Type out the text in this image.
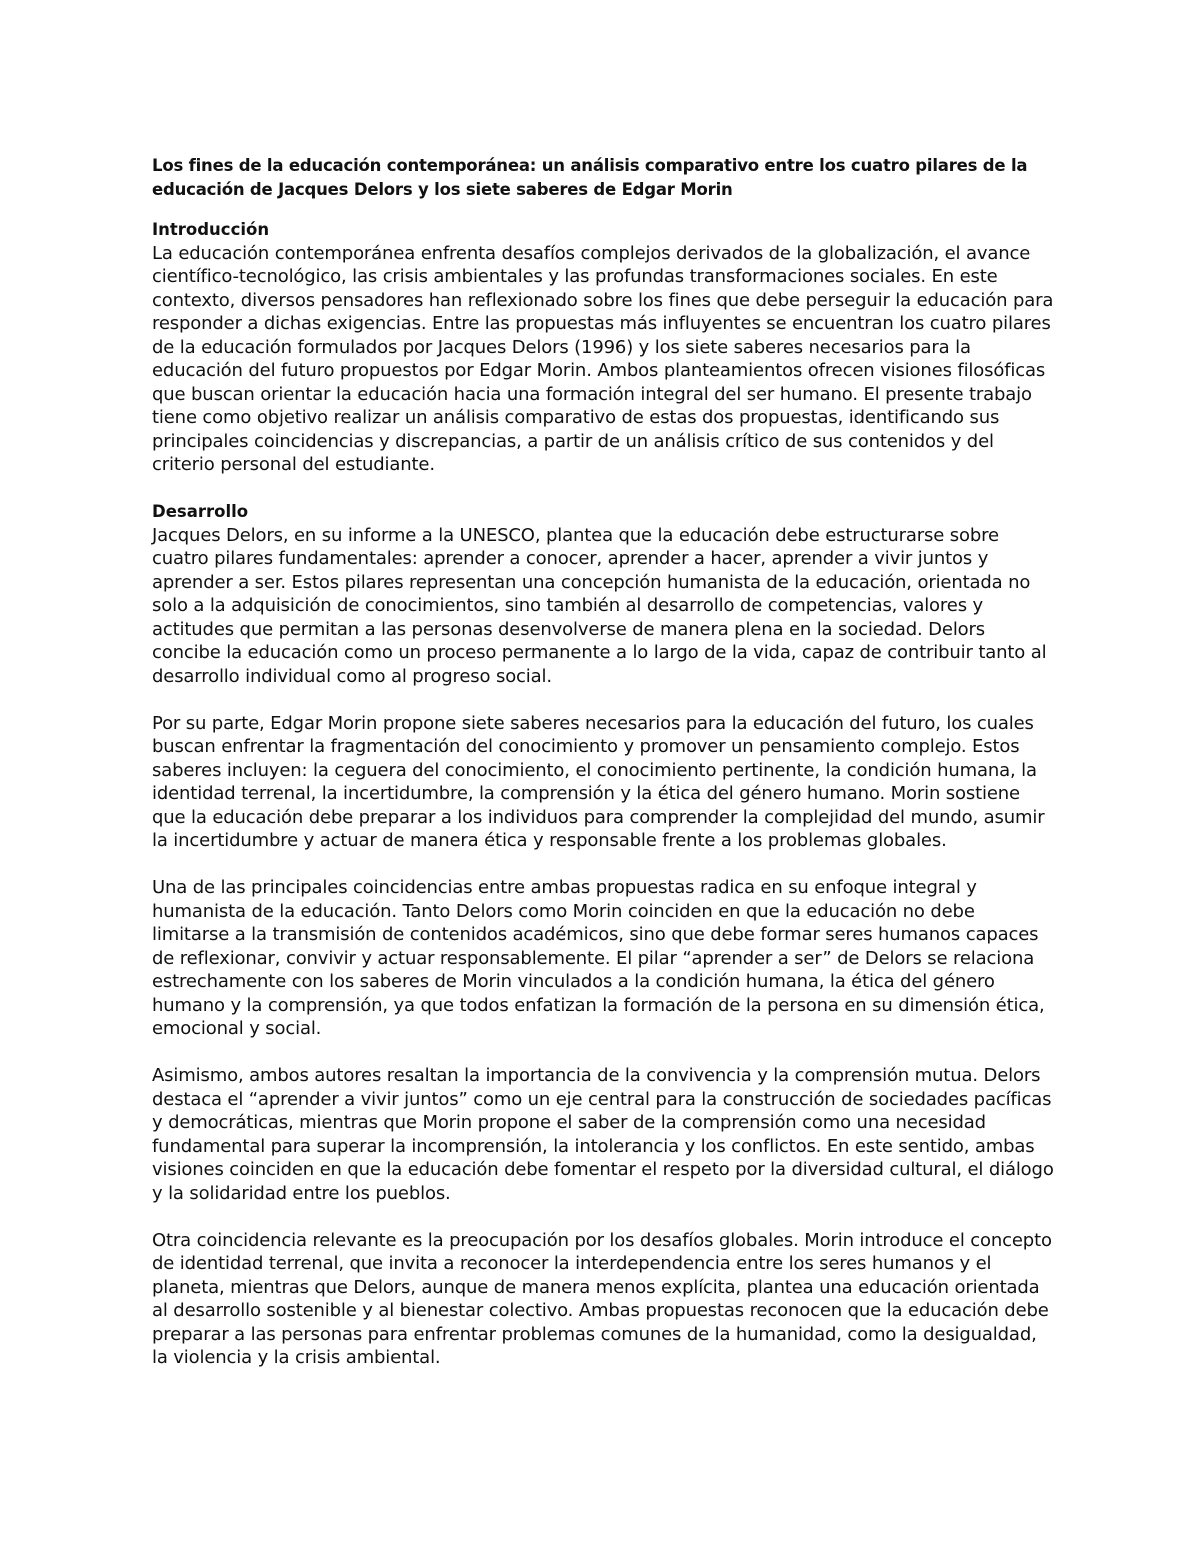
Los fines de la educación contemporánea: un análisis comparativo entre los cuatro pilares de la educación de Jacques Delors y los siete saberes de Edgar Morin
Introducción

La educación contemporánea enfrenta desafíos complejos derivados de la globalización, el avance científico-tecnológico, las crisis ambientales y las profundas transformaciones sociales. En este contexto, diversos pensadores han reflexionado sobre los fines que debe perseguir la educación para responder a dichas exigencias. Entre las propuestas más influyentes se encuentran los cuatro pilares de la educación formulados por Jacques Delors (1996) y los siete saberes necesarios para la educación del futuro propuestos por Edgar Morin. Ambos planteamientos ofrecen visiones filosóficas que buscan orientar la educación hacia una formación integral del ser humano. El presente trabajo tiene como objetivo realizar un análisis comparativo de estas dos propuestas, identificando sus principales coincidencias y discrepancias, a partir de un análisis crítico de sus contenidos y del criterio personal del estudiante.

Desarrollo

Jacques Delors, en su informe a la UNESCO, plantea que la educación debe estructurarse sobre cuatro pilares fundamentales: aprender a conocer, aprender a hacer, aprender a vivir juntos y aprender a ser. Estos pilares representan una concepción humanista de la educación, orientada no solo a la adquisición de conocimientos, sino también al desarrollo de competencias, valores y actitudes que permitan a las personas desenvolverse de manera plena en la sociedad. Delors concibe la educación como un proceso permanente a lo largo de la vida, capaz de contribuir tanto al desarrollo individual como al progreso social.

Por su parte, Edgar Morin propone siete saberes necesarios para la educación del futuro, los cuales buscan enfrentar la fragmentación del conocimiento y promover un pensamiento complejo. Estos saberes incluyen: la ceguera del conocimiento, el conocimiento pertinente, la condición humana, la identidad terrenal, la incertidumbre, la comprensión y la ética del género humano. Morin sostiene que la educación debe preparar a los individuos para comprender la complejidad del mundo, asumir la incertidumbre y actuar de manera ética y responsable frente a los problemas globales.

Una de las principales coincidencias entre ambas propuestas radica en su enfoque integral y humanista de la educación. Tanto Delors como Morin coinciden en que la educación no debe limitarse a la transmisión de contenidos académicos, sino que debe formar seres humanos capaces de reflexionar, convivir y actuar responsablemente. El pilar “aprender a ser” de Delors se relaciona estrechamente con los saberes de Morin vinculados a la condición humana, la ética del género humano y la comprensión, ya que todos enfatizan la formación de la persona en su dimensión ética, emocional y social.

Asimismo, ambos autores resaltan la importancia de la convivencia y la comprensión mutua. Delors destaca el “aprender a vivir juntos” como un eje central para la construcción de sociedades pacíficas y democráticas, mientras que Morin propone el saber de la comprensión como una necesidad fundamental para superar la incomprensión, la intolerancia y los conflictos. En este sentido, ambas visiones coinciden en que la educación debe fomentar el respeto por la diversidad cultural, el diálogo y la solidaridad entre los pueblos.

Otra coincidencia relevante es la preocupación por los desafíos globales. Morin introduce el concepto de identidad terrenal, que invita a reconocer la interdependencia entre los seres humanos y el planeta, mientras que Delors, aunque de manera menos explícita, plantea una educación orientada al desarrollo sostenible y al bienestar colectivo. Ambas propuestas reconocen que la educación debe preparar a las personas para enfrentar problemas comunes de la humanidad, como la desigualdad, la violencia y la crisis ambiental.
